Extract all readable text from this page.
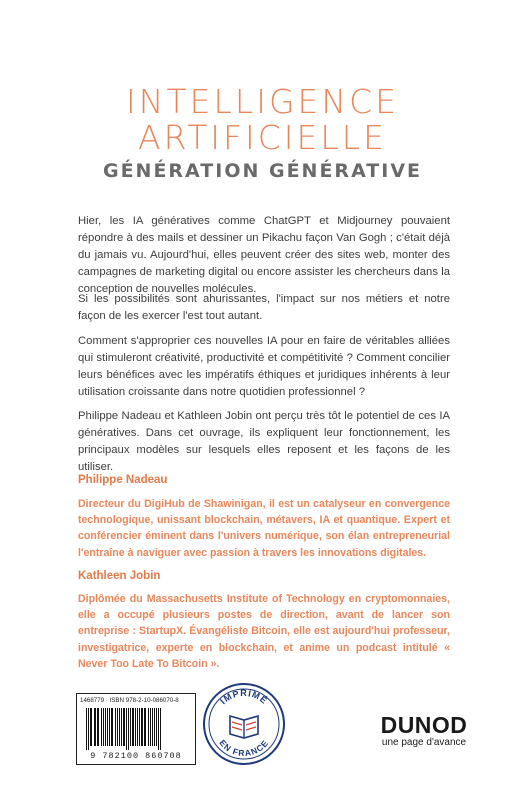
INTELLIGENCE
ARTIFICIELLE
GÉNÉRATION GÉNÉRATIVE

Hier, les IA génératives comme ChatGPT et Midjourney pouvaient répondre à des mails et dessiner un Pikachu façon Van Gogh ; c'était déjà du jamais vu. Aujourd'hui, elles peuvent créer des sites web, monter des campagnes de marketing digital ou encore assister les chercheurs dans la conception de nouvelles molécules.

Si les possibilités sont ahurissantes, l'impact sur nos métiers et notre façon de les exercer l'est tout autant.

Comment s'approprier ces nouvelles IA pour en faire de véritables alliées qui stimuleront créativité, productivité et compétitivité ? Comment concilier leurs bénéfices avec les impératifs éthiques et juridiques inhérents à leur utilisation croissante dans notre quotidien professionnel ?

Philippe Nadeau et Kathleen Jobin ont perçu très tôt le potentiel de ces IA génératives. Dans cet ouvrage, ils expliquent leur fonctionnement, les principaux modèles sur lesquels elles reposent et les façons de les utiliser.

Philippe Nadeau

Directeur du DigiHub de Shawinigan, il est un catalyseur en convergence technologique, unissant blockchain, métavers, IA et quantique. Expert et conférencier éminent dans l'univers numérique, son élan entrepreneurial l'entraîne à naviguer avec passion à travers les innovations digitales.

Kathleen Jobin

Diplômée du Massachusetts Institute of Technology en cryptomonnaies, elle a occupé plusieurs postes de direction, avant de lancer son entreprise : StartupX. Évangéliste Bitcoin, elle est aujourd'hui professeur, investigatrice, experte en blockchain, et anime un podcast intitulé « Never Too Late To Bitcoin ».

1468779 · ISBN 978-2-10-086070-8
9 782100 860708
IMPRIMÉ
EN FRANCE
DUNOD
une page d'avance
